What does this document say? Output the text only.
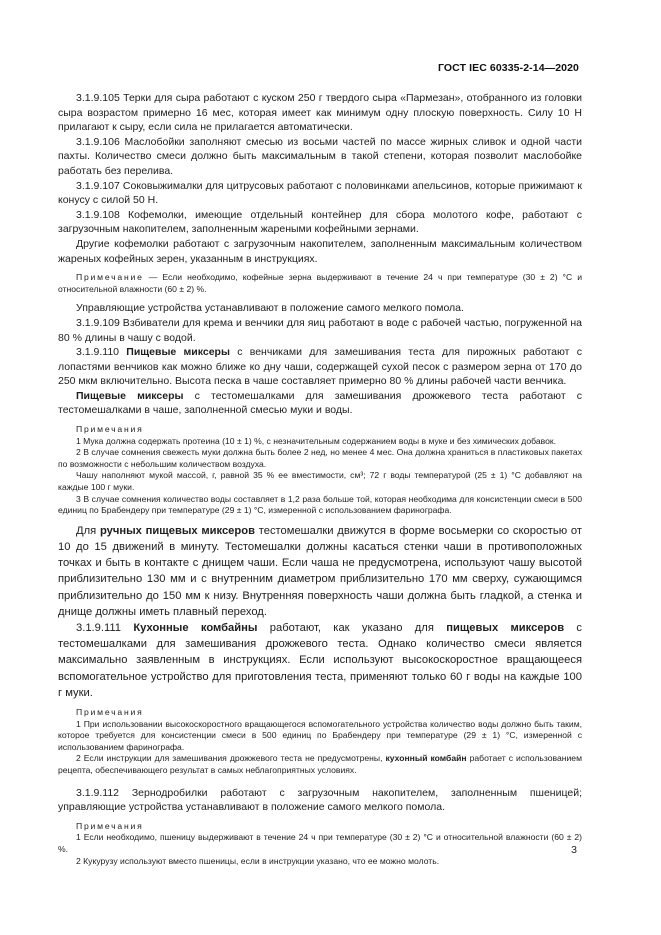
ГОСТ IEC 60335-2-14—2020

3.1.9.105 Терки для сыра работают с куском 250 г твердого сыра «Пармезан», отобранного из головки сыра возрастом примерно 16 мес, которая имеет как минимум одну плоскую поверхность. Силу 10 Н прилагают к сыру, если сила не прилагается автоматически.

3.1.9.106 Маслобойки заполняют смесью из восьми частей по массе жирных сливок и одной части пахты. Количество смеси должно быть максимальным в такой степени, которая позволит маслобойке работать без перелива.

3.1.9.107 Соковыжималки для цитрусовых работают с половинками апельсинов, которые прижимают к конусу с силой 50 Н.

3.1.9.108 Кофемолки, имеющие отдельный контейнер для сбора молотого кофе, работают с загрузочным накопителем, заполненным жареными кофейными зернами.

Другие кофемолки работают с загрузочным накопителем, заполненным максимальным количеством жареных кофейных зерен, указанным в инструкциях.

Примечание — Если необходимо, кофейные зерна выдерживают в течение 24 ч при температуре (30 ± 2) °С и относительной влажности (60 ± 2) %.

Управляющие устройства устанавливают в положение самого мелкого помола.

3.1.9.109 Взбиватели для крема и венчики для яиц работают в воде с рабочей частью, погруженной на 80 % длины в чашу с водой.

3.1.9.110 Пищевые миксеры с венчиками для замешивания теста для пирожных работают с лопастями венчиков как можно ближе ко дну чаши, содержащей сухой песок с размером зерна от 170 до 250 мкм включительно. Высота песка в чаше составляет примерно 80 % длины рабочей части венчика.

Пищевые миксеры с тестомешалками для замешивания дрожжевого теста работают с тестомешалками в чаше, заполненной смесью муки и воды.

Примечания

1 Мука должна содержать протеина (10 ± 1) %, с незначительным содержанием воды в муке и без химических добавок.

2 В случае сомнения свежесть муки должна быть более 2 нед, но менее 4 мес. Она должна храниться в пластиковых пакетах по возможности с небольшим количеством воздуха.

Чашу наполняют мукой массой, г, равной 35 % ее вместимости, см³; 72 г воды температурой (25 ± 1) °С добавляют на каждые 100 г муки.

3 В случае сомнения количество воды составляет в 1,2 раза больше той, которая необходима для консистенции смеси в 500 единиц по Брабендеру при температуре (29 ± 1) °С, измеренной с использованием фаринографа.

Для ручных пищевых миксеров тестомешалки движутся в форме восьмерки со скоростью от 10 до 15 движений в минуту. Тестомешалки должны касаться стенки чаши в противоположных точках и быть в контакте с днищем чаши. Если чаша не предусмотрена, используют чашу высотой приблизительно 130 мм и с внутренним диаметром приблизительно 170 мм сверху, сужающимся приблизительно до 150 мм к низу. Внутренняя поверхность чаши должна быть гладкой, а стенка и днище должны иметь плавный переход.

3.1.9.111 Кухонные комбайны работают, как указано для пищевых миксеров с тестомешалками для замешивания дрожжевого теста. Однако количество смеси является максимально заявленным в инструкциях. Если используют высокоскоростное вращающееся вспомогательное устройство для приготовления теста, применяют только 60 г воды на каждые 100 г муки.

Примечания

1 При использовании высокоскоростного вращающегося вспомогательного устройства количество воды должно быть таким, которое требуется для консистенции смеси в 500 единиц по Брабендеру при температуре (29 ± 1) °С, измеренной с использованием фаринографа.

2 Если инструкции для замешивания дрожжевого теста не предусмотрены, кухонный комбайн работает с использованием рецепта, обеспечивающего результат в самых неблагоприятных условиях.

3.1.9.112 Зернодробилки работают с загрузочным накопителем, заполненным пшеницей; управляющие устройства устанавливают в положение самого мелкого помола.

Примечания

1 Если необходимо, пшеницу выдерживают в течение 24 ч при температуре (30 ± 2) °С и относительной влажности (60 ± 2) %.

2 Кукурузу используют вместо пшеницы, если в инструкции указано, что ее можно молоть.

3
